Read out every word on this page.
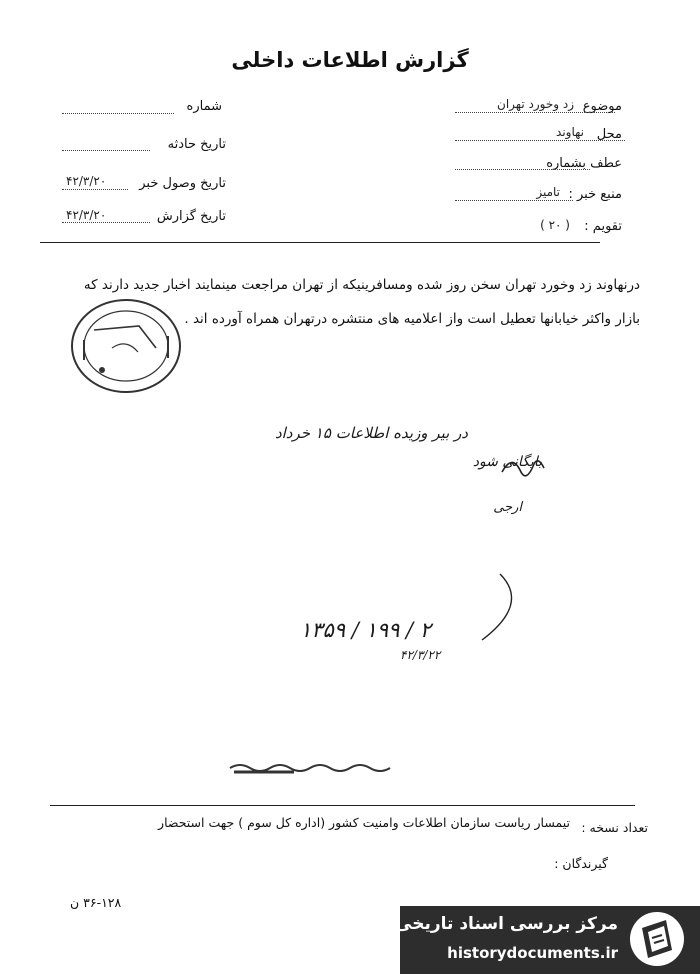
گزارش اطلاعات داخلی
موضوع
زد وخورد تهران
محل
نهاوند
عطف بشماره
منبع خبر :
تامیز
تقویم :
( ۲۰ )
شماره
تاریخ حادثه
تاریخ وصول خبر
۴۲/۳/۲۰
تاریخ گزارش
۴۲/۳/۲۰
درنهاوند زد وخورد تهران سخن روز شده ومسافرینیکه از تهران مراجعت مینمایند اخبار جدید دارند که
بازار واکثر خیابانها تعطیل است واز اعلامیه های منتشره درتهران همراه آورده اند .
در بیر وزیده اطلاعات ۱۵ خرداد
بایگانی شود
ارجی
۱۳۵۹ / ۱۹۹ / ۲
۴۲/۳/۲۲
تعداد نسخه :
تیمسار ریاست سازمان اطلاعات وامنیت کشور (اداره کل سوم ) جهت استحضار
گیرندگان :
۳۶-۱۲۸ ن
مرکز بررسی اسناد تاریخی
historydocuments.ir
